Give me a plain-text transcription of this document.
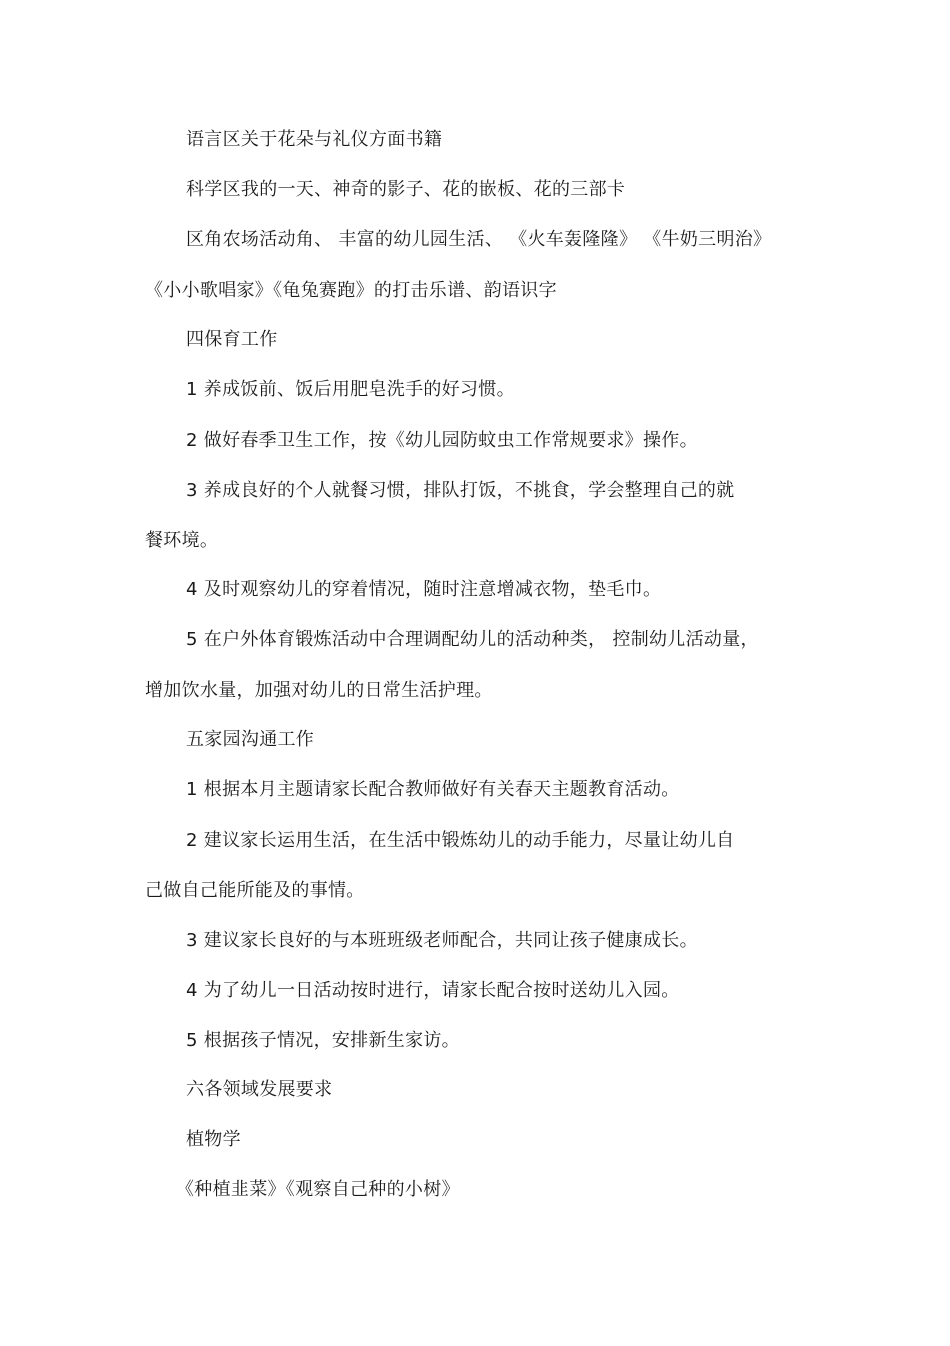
语言区关于花朵与礼仪方面书籍
科学区我的一天、神奇的影子、花的嵌板、花的三部卡
区角农场活动角、 丰富的幼儿园生活、 《火车轰隆隆》 《牛奶三明治》
《小小歌唱家》《龟兔赛跑》的打击乐谱、韵语识字
四保育工作
1 养成饭前、饭后用肥皂洗手的好习惯。
2 做好春季卫生工作，按《幼儿园防蚊虫工作常规要求》操作。
3 养成良好的个人就餐习惯，排队打饭，不挑食，学会整理自己的就
餐环境。
4 及时观察幼儿的穿着情况，随时注意增减衣物，垫毛巾。
5 在户外体育锻炼活动中合理调配幼儿的活动种类， 控制幼儿活动量，
增加饮水量，加强对幼儿的日常生活护理。
五家园沟通工作
1 根据本月主题请家长配合教师做好有关春天主题教育活动。
2 建议家长运用生活，在生活中锻炼幼儿的动手能力，尽量让幼儿自
己做自己能所能及的事情。
3 建议家长良好的与本班班级老师配合，共同让孩子健康成长。
4 为了幼儿一日活动按时进行，请家长配合按时送幼儿入园。
5 根据孩子情况，安排新生家访。
六各领域发展要求
植物学
《种植韭菜》《观察自己种的小树》
